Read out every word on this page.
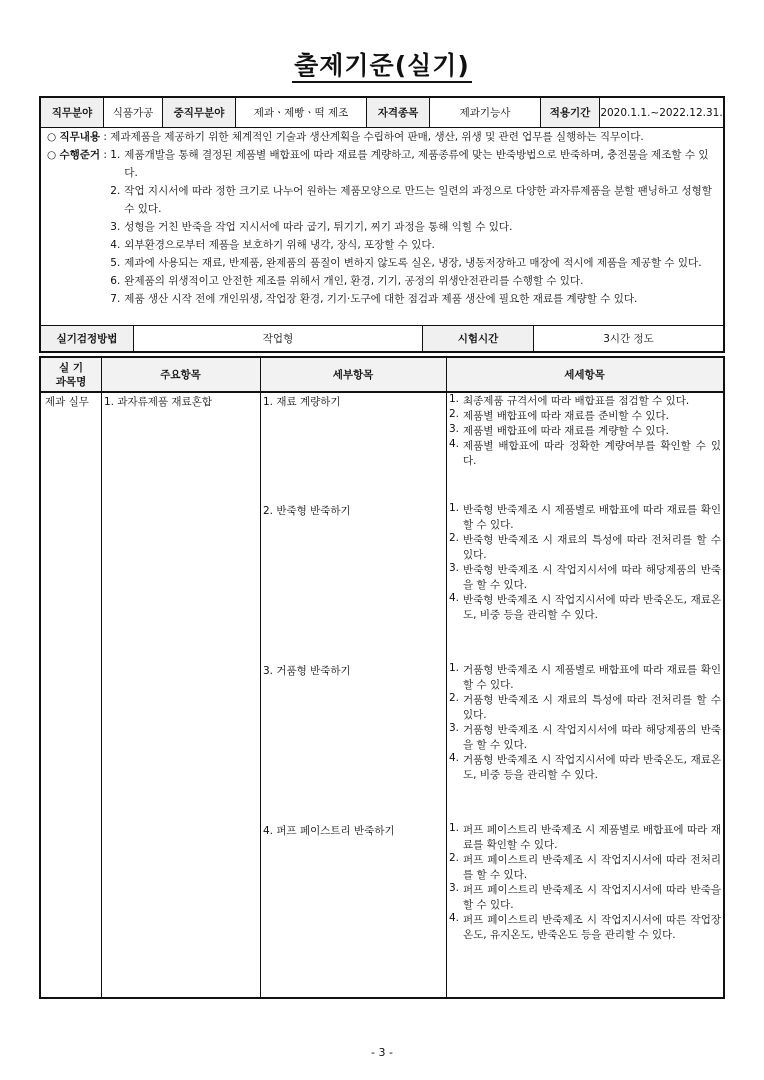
출제기준(실기)
직무분야	식품가공	중직무분야	제과ㆍ제빵ㆍ떡 제조	자격종목	제과기능사	적용기간 2020.1.1.~2022.12.31.
○ 직무내용 : 제과제품을 제공하기 위한 체계적인 기술과 생산계획을 수립하여 판매, 생산, 위생 및 관련 업무를 실행하는 직무이다.
○ 수행준거 : 1. 제품개발을 통해 결정된 제품별 배합표에 따라 재료를 계량하고, 제품종류에 맞는 반죽방법으로 반죽하며, 충전물을 제조할 수 있다.
2. 작업 지시서에 따라 정한 크기로 나누어 원하는 제품모양으로 만드는 일련의 과정으로 다양한 과자류제품을 분할 팬닝하고 성형할 수 있다.
3. 성형을 거친 반죽을 작업 지시서에 따라 굽기, 튀기기, 찌기 과정을 통해 익힐 수 있다.
4. 외부환경으로부터 제품을 보호하기 위해 냉각, 장식, 포장할 수 있다.
5. 제과에 사용되는 재료, 반제품, 완제품의 품질이 변하지 않도록 실온, 냉장, 냉동저장하고 매장에 적시에 제품을 제공할 수 있다.
6. 완제품의 위생적이고 안전한 제조를 위해서 개인, 환경, 기기, 공정의 위생안전관리를 수행할 수 있다.
7. 제품 생산 시작 전에 개인위생, 작업장 환경, 기기·도구에 대한 점검과 제품 생산에 필요한 재료를 계량할 수 있다.
실기검정방법	작업형	시험시간	3시간 정도
실 기
과목명
주요항목	세부항목	세세항목
제과 실무 1. 과자류제품 재료혼합	1. 재료 계량하기	1. 최종제품 규격서에 따라 배합표를 점검할 수 있다.
2. 제품별 배합표에 따라 재료를 준비할 수 있다.
3. 제품별 배합표에 따라 재료를 계량할 수 있다.
4. 제품별 배합표에 따라 정확한 계량여부를 확인할 수 있다.
2. 반죽형 반죽하기	1. 반죽형 반죽제조 시 제품별로 배합표에 따라 재료를 확인할 수 있다.
2. 반죽형 반죽제조 시 재료의 특성에 따라 전처리를 할 수 있다.
3. 반죽형 반죽제조 시 작업지시서에 따라 해당제품의 반죽을 할 수 있다.
4. 반죽형 반죽제조 시 작업지시서에 따라 반죽온도, 재료온도, 비중 등을 관리할 수 있다.
3. 거품형 반죽하기	1. 거품형 반죽제조 시 제품별로 배합표에 따라 재료를 확인할 수 있다.
2. 거품형 반죽제조 시 재료의 특성에 따라 전처리를 할 수 있다.
3. 거품형 반죽제조 시 작업지시서에 따라 해당제품의 반죽을 할 수 있다.
4. 거품형 반죽제조 시 작업지시서에 따라 반죽온도, 재료온도, 비중 등을 관리할 수 있다.
4. 퍼프 페이스트리 반죽하기	1. 퍼프 페이스트리 반죽제조 시 제품별로 배합표에 따라 재료를 확인할 수 있다.
2. 퍼프 페이스트리 반죽제조 시 작업지시서에 따라 전처리를 할 수 있다.
3. 퍼프 페이스트리 반죽제조 시 작업지시서에 따라 반죽을 할 수 있다.
4. 퍼프 페이스트리 반죽제조 시 작업지시서에 따른 작업장온도, 유지온도, 반죽온도 등을 관리할 수 있다.
- 3 -
